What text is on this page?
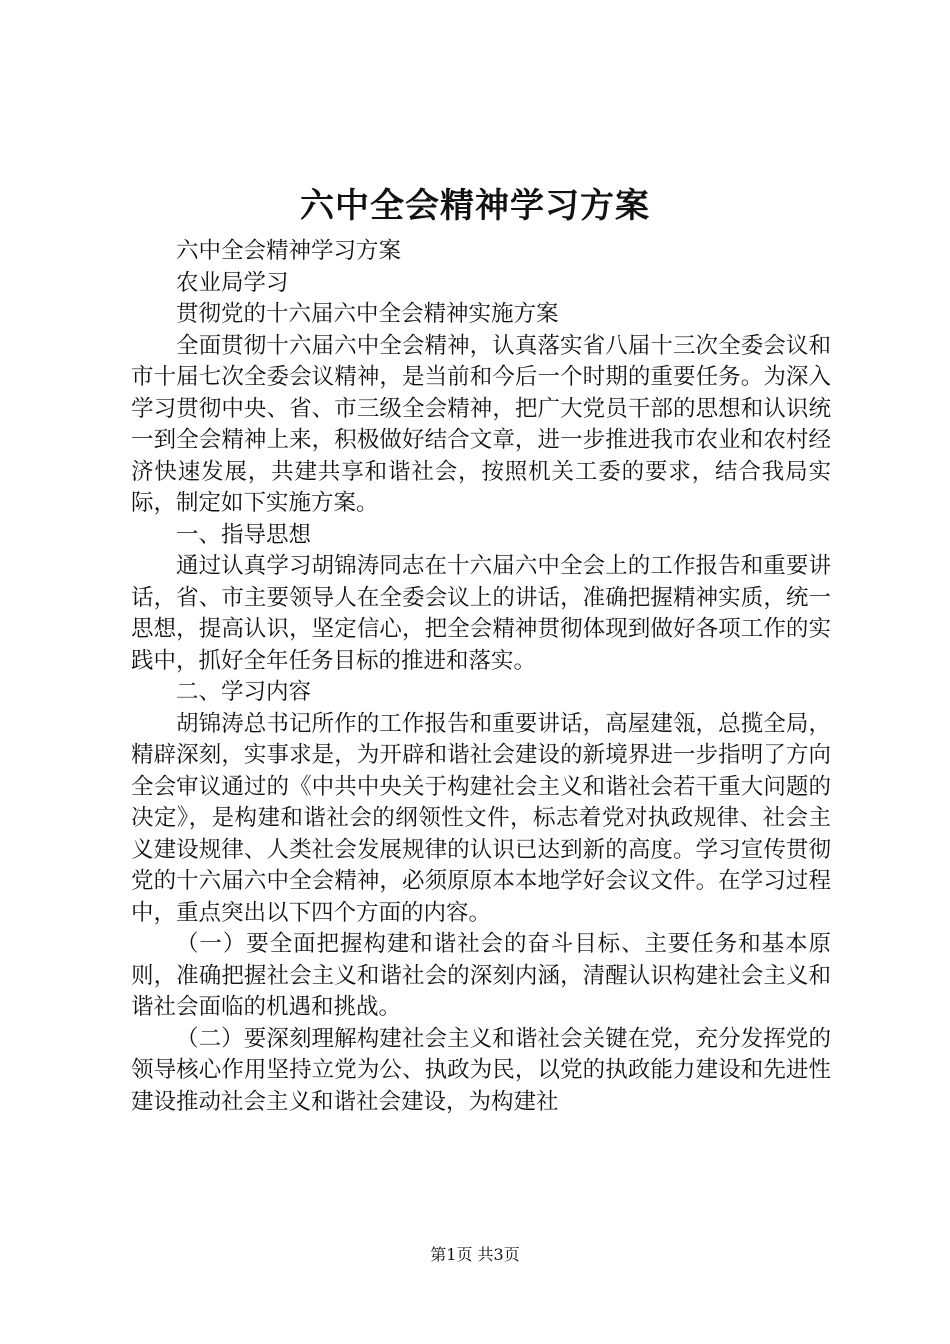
六中全会精神学习方案

六中全会精神学习方案

农业局学习

贯彻党的十六届六中全会精神实施方案

全面贯彻十六届六中全会精神，认真落实省八届十三次全委会议和市十届七次全委会议精神，是当前和今后一个时期的重要任务。为深入学习贯彻中央、省、市三级全会精神，把广大党员干部的思想和认识统一到全会精神上来，积极做好结合文章，进一步推进我市农业和农村经济快速发展，共建共享和谐社会，按照机关工委的要求，结合我局实际，制定如下实施方案。

一、指导思想

通过认真学习胡锦涛同志在十六届六中全会上的工作报告和重要讲话，省、市主要领导人在全委会议上的讲话，准确把握精神实质，统一思想，提高认识，坚定信心，把全会精神贯彻体现到做好各项工作的实践中，抓好全年任务目标的推进和落实。

二、学习内容

胡锦涛总书记所作的工作报告和重要讲话，高屋建瓴，总揽全局，精辟深刻，实事求是，为开辟和谐社会建设的新境界进一步指明了方向全会审议通过的《中共中央关于构建社会主义和谐社会若干重大问题的决定》，是构建和谐社会的纲领性文件，标志着党对执政规律、社会主义建设规律、人类社会发展规律的认识已达到新的高度。学习宣传贯彻党的十六届六中全会精神，必须原原本本地学好会议文件。在学习过程中，重点突出以下四个方面的内容。

（一）要全面把握构建和谐社会的奋斗目标、主要任务和基本原则，准确把握社会主义和谐社会的深刻内涵，清醒认识构建社会主义和谐社会面临的机遇和挑战。

（二）要深刻理解构建社会主义和谐社会关键在党，充分发挥党的领导核心作用坚持立党为公、执政为民，以党的执政能力建设和先进性建设推动社会主义和谐社会建设，为构建社

第1页 共3页
